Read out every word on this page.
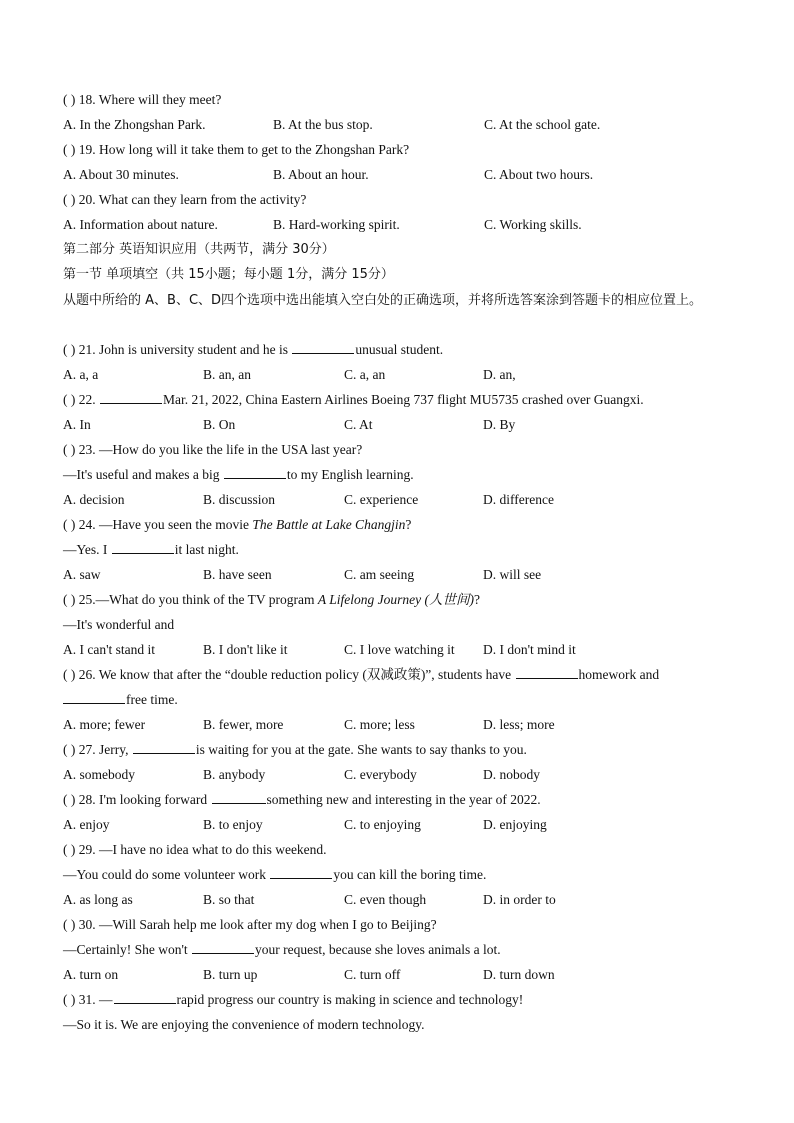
( ) 18. Where will they meet?
A. In the Zhongshan Park.	B. At the bus stop.	C. At the school gate.
( ) 19. How long will it take them to get to the Zhongshan Park?
A. About 30 minutes.	B. About an hour.	C. About two hours.
( ) 20. What can they learn from the activity?
A. Information about nature.	B. Hard-working spirit.	C. Working skills.
第二部分 英语知识应用（共两节，满分 30分）
第一节 单项填空（共 15小题；每小题 1分，满分 15分）
从题中所给的 A、B、C、D四个选项中选出能填入空白处的正确选项，并将所选答案涂到答题卡的相应位置上。
( ) 21. John is university student and he is	unusual student.
A. a, a	B. an, an	C. a, an	D. an,
( ) 22.	Mar. 21, 2022, China Eastern Airlines Boeing 737 flight MU5735 crashed over Guangxi.
A. In	B. On	C. At	D. By
( ) 23. —How do you like the life in the USA last year?
—It's useful and makes a big	to my English learning.
A. decision	B. discussion	C. experience	D. difference
( ) 24. —Have you seen the movie The Battle at Lake Changjin?
—Yes. I	it last night.
A. saw	B. have seen	C. am seeing	D. will see
( ) 25.—What do you think of the TV program A Lifelong Journey (人世间)?
—It's wonderful and
A. I can't stand it	B. I don't like it	C. I love watching it D. I don't mind it
( ) 26. We know that after the “double reduction policy (双减政策)”, students have	homework and
free time.
A. more; fewer	B. fewer, more	C. more; less	D. less; more
( ) 27. Jerry,	is waiting for you at the gate. She wants to say thanks to you.
A. somebody	B. anybody	C. everybody	D. nobody
( ) 28. I'm looking forward	something new and interesting in the year of 2022.
A. enjoy	B. to enjoy	C. to enjoying	D. enjoying
( ) 29. —I have no idea what to do this weekend.
—You could do some volunteer work	you can kill the boring time.
A. as long as	B. so that	C. even though	D. in order to
( ) 30. —Will Sarah help me look after my dog when I go to Beijing?
—Certainly! She won't	your request, because she loves animals a lot.
A. turn on	B. turn up	C. turn off	D. turn down
( ) 31. —	rapid progress our country is making in science and technology!
—So it is. We are enjoying the convenience of modern technology.
